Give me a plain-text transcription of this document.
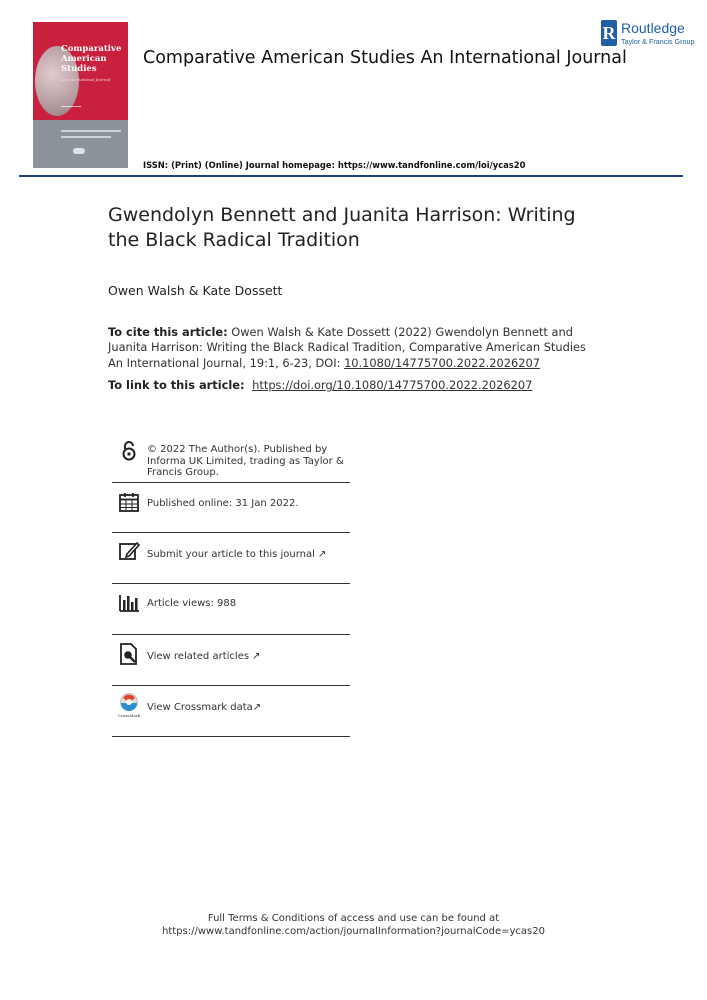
Comparative American Studies
An International Journal
Comparative American Studies An International Journal
R Routledge
Taylor & Francis Group
ISSN: (Print) (Online) Journal homepage: https://www.tandfonline.com/loi/ycas20
Gwendolyn Bennett and Juanita Harrison: Writing the Black Radical Tradition
Owen Walsh & Kate Dossett
To cite this article: Owen Walsh & Kate Dossett (2022) Gwendolyn Bennett and Juanita Harrison: Writing the Black Radical Tradition, Comparative American Studies An International Journal, 19:1, 6-23, DOI: 10.1080/14775700.2022.2026207
To link to this article: https://doi.org/10.1080/14775700.2022.2026207
© 2022 The Author(s). Published by Informa UK Limited, trading as Taylor & Francis Group.
Published online: 31 Jan 2022.
Submit your article to this journal ↗
Article views: 988
View related articles ↗
CrossMark
View Crossmark data↗
Full Terms & Conditions of access and use can be found at
https://www.tandfonline.com/action/journalInformation?journalCode=ycas20
